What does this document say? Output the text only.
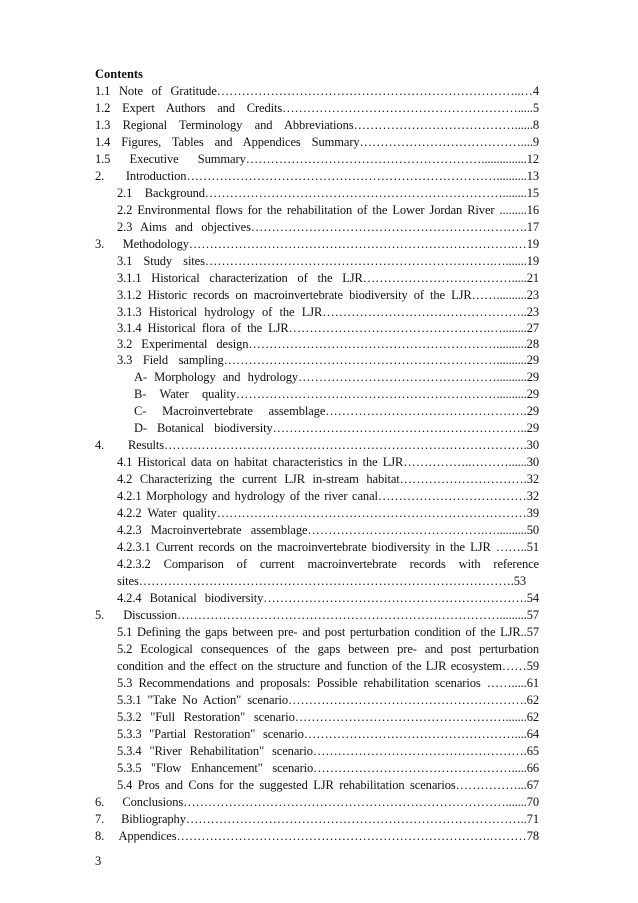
Contents
1.1 Note of Gratitude………………………………………………………………..…4
1.2 Expert Authors and Credits………………………………………………….....5
1.3 Regional Terminology and Abbreviations…………………………………......8
1.4 Figures, Tables and Appendices Summary…………………………………....9
1.5 Executive Summary…………………………………………………...............12
2. Introduction…………………………………………………………………..........13
2.1 Background………………………………………………………………........15
2.2 Environmental flows for the rehabilitation of the Lower Jordan River .........16
2.3 Aims and objectives………………………………………………………….17
3. Methodology…………………………………………………………………….…19
3.1 Study sites…………………………………………………………….….......19
3.1.1 Historical characterization of the LJR……………………………….....21
3.1.2 Historic records on macroinvertebrate biodiversity of the LJR……..........23
3.1.3 Historical hydrology of the LJR…………………………………………..23
3.1.4 Historical flora of the LJR………………………………………….…........27
3.2 Experimental design……………………………………………………..........28
3.3 Field sampling…………………………………………………………..........29
A- Morphology and hydrology…………………………………………..........29
B- Water quality………………………………………………………..........29
C- Macroinvertebrate assemblage………………………………………….29
D- Botanical biodiversity……………………………………………………..29
4. Results…………………………………………………………………………….30
4.1 Historical data on habitat characteristics in the LJR……………..………......30
4.2 Characterizing the current LJR in-stream habitat………………………….32
4.2.1 Morphology and hydrology of the river canal………………………………32
4.2.2 Water quality…………………………………………………………………39
4.2.3 Macroinvertebrate assemblage…………………………………….…..........50
4.2.3.1 Current records on the macroinvertebrate biodiversity in the LJR ……..51
4.2.3.2 Comparison of current macroinvertebrate records with reference
sites……………………………………………………………………………….53
4.2.4 Botanical biodiversity……………………………………………………….54
5. Discussion…………………………………………………………………….........57
5.1 Defining the gaps between pre- and post perturbation condition of the LJR..57
5.2 Ecological consequences of the gaps between pre- and post perturbation
condition and the effect on the structure and function of the LJR ecosystem……59
5.3 Recommendations and proposals: Possible rehabilitation scenarios …….....61
5.3.1 "Take No Action" scenario………………………………………………….62
5.3.2 "Full Restoration" scenario…………………………………………….......62
5.3.3 "Partial Restoration" scenario……………………………………………....64
5.3.4 "River Rehabilitation" scenario…………………………………………….65
5.3.5 "Flow Enhancement" scenario………………………………………….....66
5.4 Pros and Cons for the suggested LJR rehabilitation scenarios……………...67
6. Conclusions…………………………………………………………………….......70
7. Bibliography………………………………………………………………………..71
8. Appendices………………………………………………………………….………78
3
